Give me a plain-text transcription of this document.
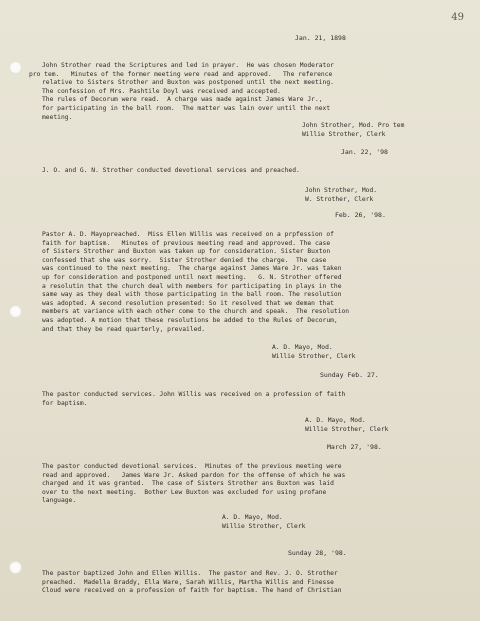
49
Jan. 21, 1898
John Strother read the Scriptures and led in prayer.  He was chosen Moderator
pro tem.   Minutes of the former meeting were read and approved.   The reference
relative to Sisters Strother and Buxton was postponed until the next meeting.
The confession of Mrs. Pashtile Doyl was received and accepted.
The rules of Decorum were read.  A charge was made against James Ware Jr.,
for participating in the ball room.  The matter was lain over until the next
meeting.
John Strother, Mod. Pro tem
Willie Strother, Clerk
Jan. 22, '98
J. O. and G. N. Strother conducted devotional services and preached.
John Strother, Mod.
W. Strother, Clerk
Feb. 26, '98.
Pastor A. D. Mayopreached.  Miss Ellen Willis was received on a prpfession of
faith for baptism.   Minutes of previous meeting read and approved. The case
of Sisters Strother and Buxton was taken up for consideration. Sister Buxton
confessed that she was sorry.  Sister Strother denied the charge.  The case
was continued to the next meeting.  The charge against James Ware Jr. was taken
up for consideration and postponed until next meeting.   G. N. Strother offered
a resolutin that the church deal with members for participating in plays in the
same way as they deal with those participating in the ball room. The resolution
was adopted. A second resolution presented: So it resolved that we deman that
members at variance with each other come to the church and speak.  The resolution
was adopted. A motion that these resolutions be added to the Rules of Decorum,
and that they be read quarterly, prevailed.
A. D. Mayo, Mod.
Willie Strother, Clerk
Sunday Feb. 27.
The pastor conducted services. John Willis was received on a profession of faith
for baptism.
A. D. Mayo, Mod.
Willie Strother, Clerk
March 27, '98.
The pastor conducted devotional services.  Minutes of the previous meeting were
read and approved.   James Ware Jr. Asked pardon for the offense of which he was
charged and it was granted.  The case of Sisters Strother ans Buxton was laid
over to the next meeting.  Bother Lew Buxton was excluded for using profane
language.
A. D. Mayo, Mod.
Willie Strother, Clerk
Sunday 28, '98.
The pastor baptized John and Ellen Willis.  The pastor and Rev. J. O. Strother
preached.  Madella Braddy, Ella Ware, Sarah Willis, Martha Willis and Finesse
Cloud were received on a profession of faith for baptism. The hand of Christian
